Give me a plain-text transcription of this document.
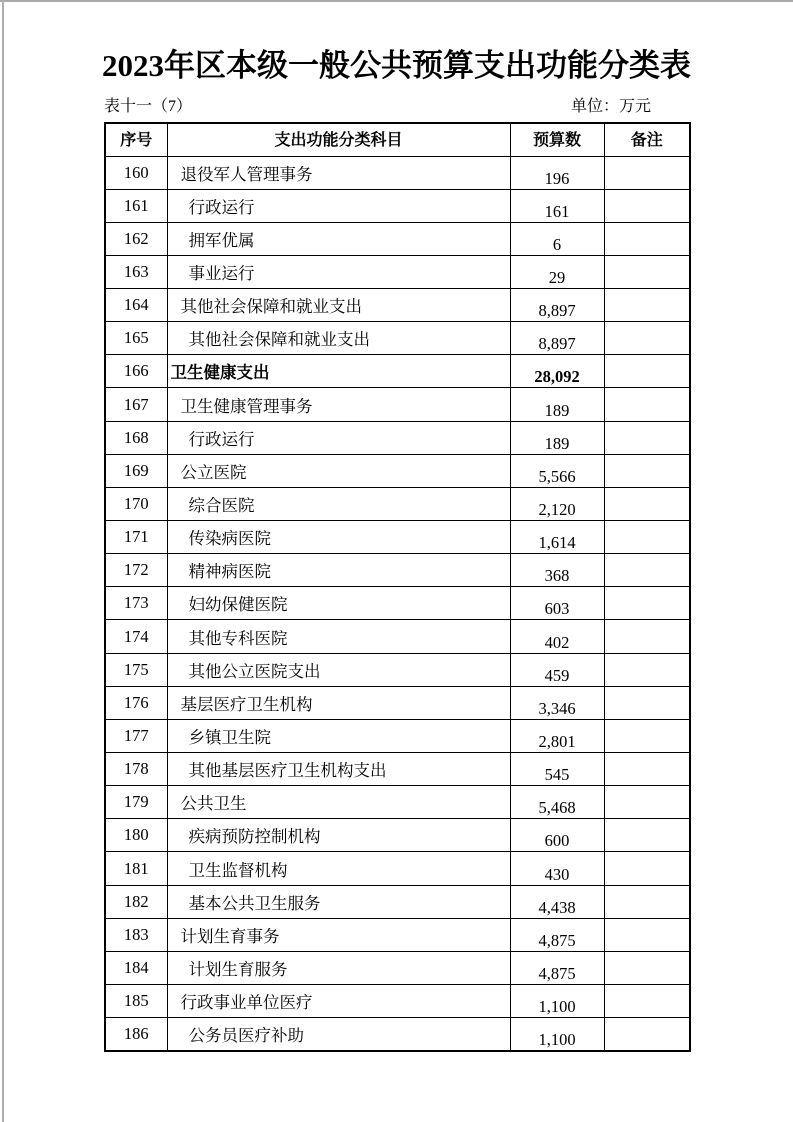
2023年区本级一般公共预算支出功能分类表
表十一（7）	单位：万元
序号	支出功能分类科目	预算数	备注
160	退役军人管理事务	196	
161	行政运行	161	
162	拥军优属	6	
163	事业运行	29	
164	其他社会保障和就业支出	8,897	
165	其他社会保障和就业支出	8,897	
166	卫生健康支出	28,092	
167	卫生健康管理事务	189	
168	行政运行	189	
169	公立医院	5,566	
170	综合医院	2,120	
171	传染病医院	1,614	
172	精神病医院	368	
173	妇幼保健医院	603	
174	其他专科医院	402	
175	其他公立医院支出	459	
176	基层医疗卫生机构	3,346	
177	乡镇卫生院	2,801	
178	其他基层医疗卫生机构支出	545	
179	公共卫生	5,468	
180	疾病预防控制机构	600	
181	卫生监督机构	430	
182	基本公共卫生服务	4,438	
183	计划生育事务	4,875	
184	计划生育服务	4,875	
185	行政事业单位医疗	1,100	
186	公务员医疗补助	1,100	
